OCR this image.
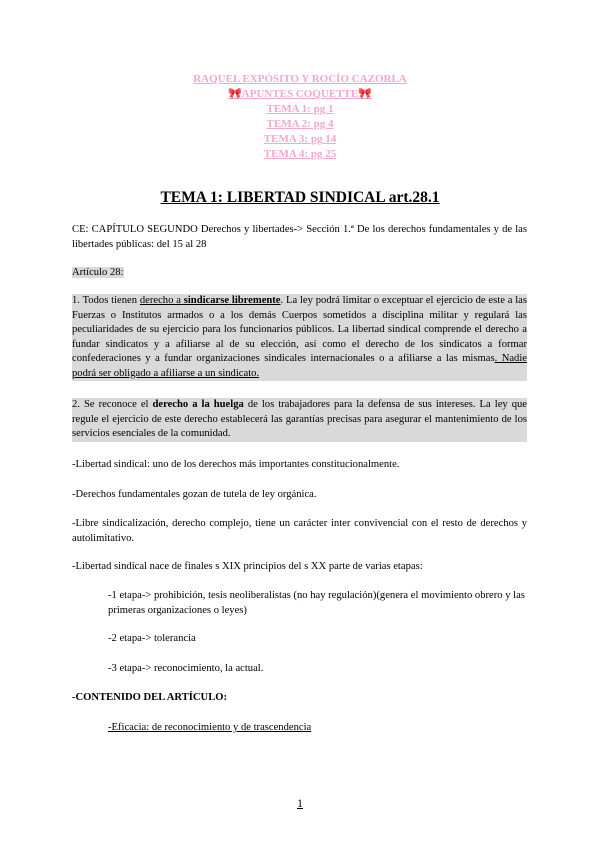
RAQUEL EXPÓSITO Y ROCÍO CAZORLA
🎀APUNTES COQUETTE🎀
TEMA 1: pg 1
TEMA 2: pg 4
TEMA 3: pg 14
TEMA 4: pg 25
TEMA 1: LIBERTAD SINDICAL art.28.1
CE: CAPÍTULO SEGUNDO Derechos y libertades-> Sección 1.ª De los derechos fundamentales y de las libertades públicas: del 15 al 28
Artículo 28:
1. Todos tienen derecho a sindicarse libremente. La ley podrá limitar o exceptuar el ejercicio de este a las Fuerzas o Institutos armados o a los demás Cuerpos sometidos a disciplina militar y regulará las peculiaridades de su ejercicio para los funcionarios públicos. La libertad sindical comprende el derecho a fundar sindicatos y a afiliarse al de su elección, así como el derecho de los sindicatos a formar confederaciones y a fundar organizaciones sindicales internacionales o a afiliarse a las mismas. Nadie podrá ser obligado a afiliarse a un sindicato.
2. Se reconoce el derecho a la huelga de los trabajadores para la defensa de sus intereses. La ley que regule el ejercicio de este derecho establecerá las garantías precisas para asegurar el mantenimiento de los servicios esenciales de la comunidad.
-Libertad sindical: uno de los derechos más importantes constitucionalmente.
-Derechos fundamentales gozan de tutela de ley orgánica.
-Libre sindicalización, derecho complejo, tiene un carácter inter convivencial con el resto de derechos y autolimitativo.
-Libertad sindical nace de finales s XIX principios del s XX parte de varias etapas:
-1 etapa-> prohibición, tesis neoliberalistas (no hay regulación)(genera el movimiento obrero y las primeras organizaciones o leyes)
-2 etapa-> tolerancia
-3 etapa-> reconocimiento, la actual.
-CONTENIDO DEL ARTÍCULO:
-Eficacia: de reconocimiento y de trascendencia
1
